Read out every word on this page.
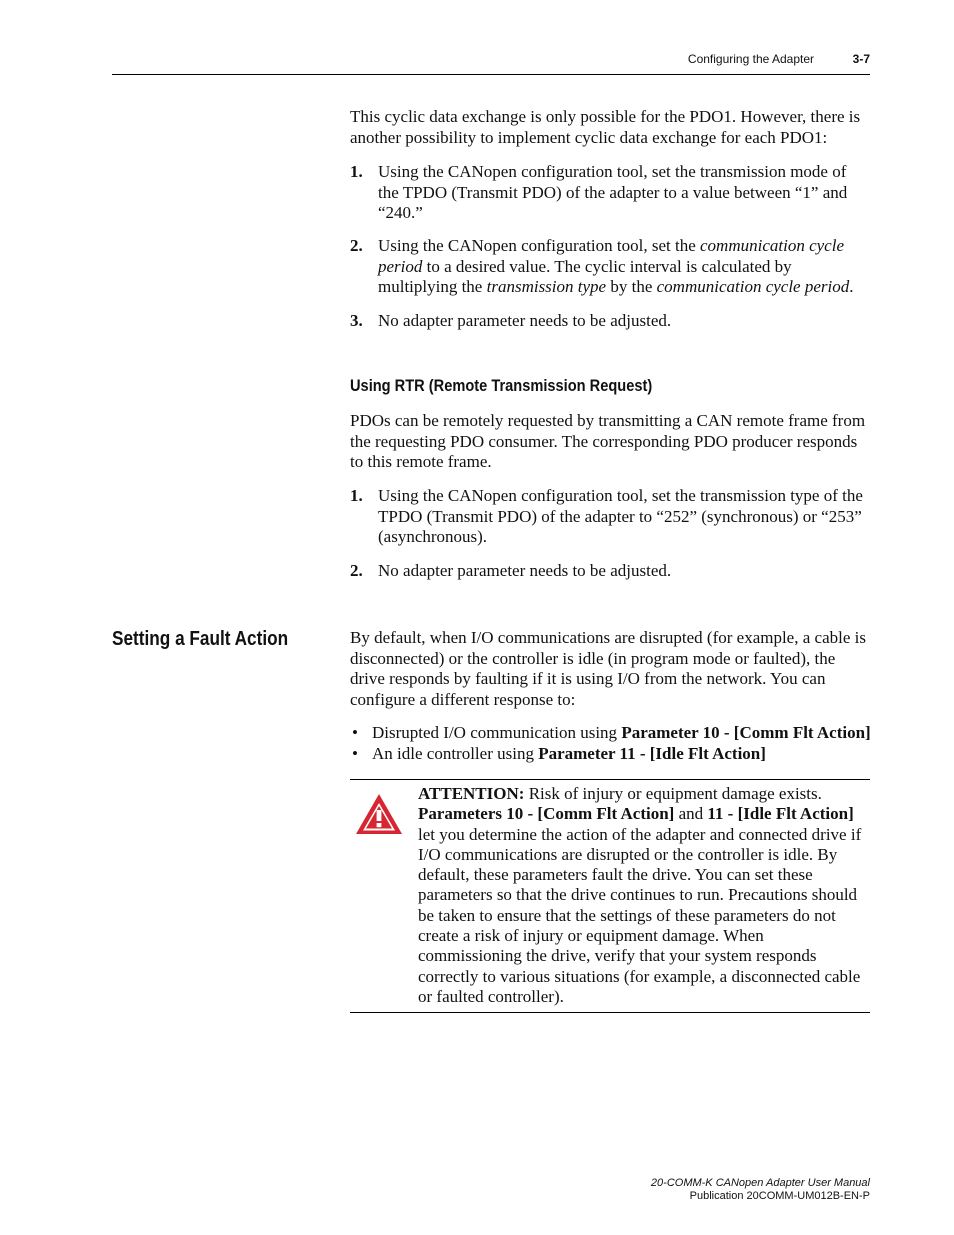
Configuring the Adapter	3-7

This cyclic data exchange is only possible for the PDO1. However, there is another possibility to implement cyclic data exchange for each PDO1:

1. Using the CANopen configuration tool, set the transmission mode of the TPDO (Transmit PDO) of the adapter to a value between “1” and “240.”
2. Using the CANopen configuration tool, set the communication cycle period to a desired value. The cyclic interval is calculated by multiplying the transmission type by the communication cycle period.
3. No adapter parameter needs to be adjusted.
Using RTR (Remote Transmission Request)

PDOs can be remotely requested by transmitting a CAN remote frame from the requesting PDO consumer. The corresponding PDO producer responds to this remote frame.

1. Using the CANopen configuration tool, set the transmission type of the TPDO (Transmit PDO) of the adapter to “252” (synchronous) or “253” (asynchronous).
2. No adapter parameter needs to be adjusted.
Setting a Fault Action	By default, when I/O communications are disrupted (for example, a cable is disconnected) or the controller is idle (in program mode or faulted), the drive responds by faulting if it is using I/O from the network. You can configure a different response to:

• Disrupted I/O communication using Parameter 10 - [Comm Flt Action]
• An idle controller using Parameter 11 - [Idle Flt Action]
ATTENTION: Risk of injury or equipment damage exists. Parameters 10 - [Comm Flt Action] and 11 - [Idle Flt Action] let you determine the action of the adapter and connected drive if I/O communications are disrupted or the controller is idle. By default, these parameters fault the drive. You can set these parameters so that the drive continues to run. Precautions should be taken to ensure that the settings of these parameters do not create a risk of injury or equipment damage. When commissioning the drive, verify that your system responds correctly to various situations (for example, a disconnected cable or faulted controller).
20-COMM-K CANopen Adapter User Manual
Publication 20COMM-UM012B-EN-P
